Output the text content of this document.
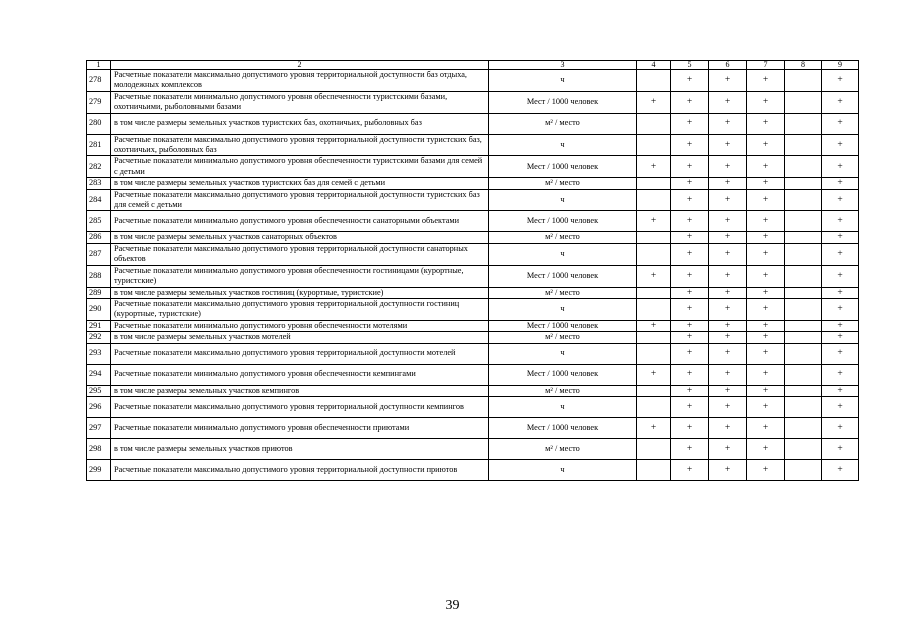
1	2	3	4	5	6	7	8	9
278	Расчетные показатели максимально допустимого уровня территориальной доступности баз отдыха, молодежных комплексов	ч		+	+	+		+
279	Расчетные показатели минимально допустимого уровня обеспеченности туристскими базами, охотничьими, рыболовными базами	Мест / 1000 человек	+	+	+	+		+
280	в том числе размеры земельных участков туристских баз, охотничьих, рыболовных баз	м² / место		+	+	+		+
281	Расчетные показатели максимально допустимого уровня территориальной доступности туристских баз, охотничьих, рыболовных баз	ч		+	+	+		+
282	Расчетные показатели минимально допустимого уровня обеспеченности туристскими базами для семей с детьми	Мест / 1000 человек	+	+	+	+		+
283	в том числе размеры земельных участков туристских баз для семей с детьми	м² / место		+	+	+		+
284	Расчетные показатели максимально допустимого уровня территориальной доступности туристских баз для семей с детьми	ч		+	+	+		+
285	Расчетные показатели минимально допустимого уровня обеспеченности санаторными объектами	Мест / 1000 человек	+	+	+	+		+
286	в том числе размеры земельных участков санаторных объектов	м² / место		+	+	+		+
287	Расчетные показатели максимально допустимого уровня территориальной доступности санаторных объектов	ч		+	+	+		+
288	Расчетные показатели минимально допустимого уровня обеспеченности гостиницами (курортные, туристские)	Мест / 1000 человек	+	+	+	+		+
289	в том числе размеры земельных участков гостиниц (курортные, туристские)	м² / место		+	+	+		+
290	Расчетные показатели максимально допустимого уровня территориальной доступности гостиниц (курортные, туристские)	ч		+	+	+		+
291	Расчетные показатели минимально допустимого уровня обеспеченности мотелями	Мест / 1000 человек	+	+	+	+		+
292	в том числе размеры земельных участков мотелей	м² / место		+	+	+		+
293	Расчетные показатели максимально допустимого уровня территориальной доступности мотелей	ч		+	+	+		+
294	Расчетные показатели минимально допустимого уровня обеспеченности кемпингами	Мест / 1000 человек	+	+	+	+		+
295	в том числе размеры земельных участков кемпингов	м² / место		+	+	+		+
296	Расчетные показатели максимально допустимого уровня территориальной доступности кемпингов	ч		+	+	+		+
297	Расчетные показатели минимально допустимого уровня обеспеченности приютами	Мест / 1000 человек	+	+	+	+		+
298	в том числе размеры земельных участков приютов	м² / место		+	+	+		+
299	Расчетные показатели максимально допустимого уровня территориальной доступности приютов	ч		+	+	+		+
39
